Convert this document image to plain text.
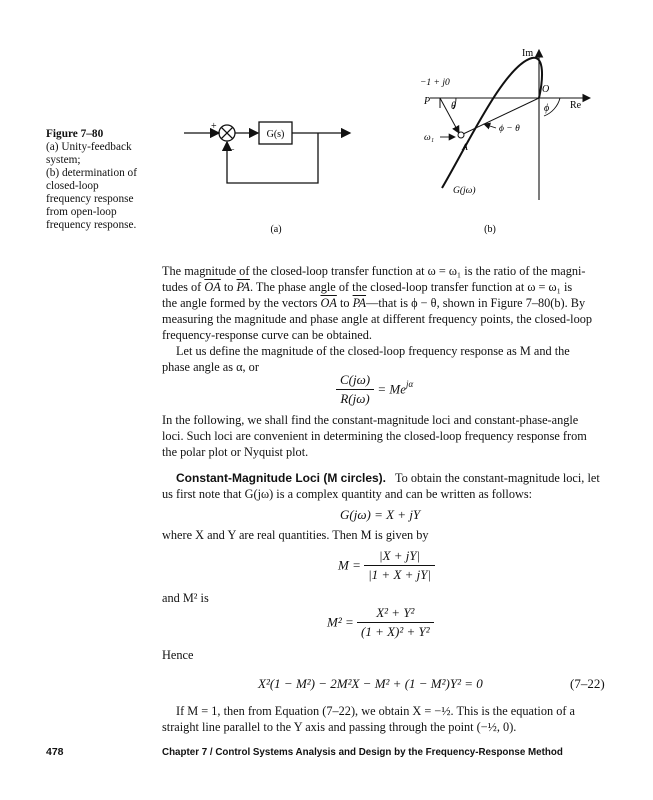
Figure 7–80
(a) Unity-feedback
system;
(b) determination of
closed-loop
frequency response
from open-loop
frequency response.
G(s)
+
−
(a)
Im
Re
−1 + j0
P
O
A
θ	ϕ
ϕ − θ
ω₁
G(jω)
(b)

The magnitude of the closed-loop transfer function at ω = ω₁ is the ratio of the magni-

tudes of $\overline{OA}$ to $\overline{PA}$. The phase angle of the closed-loop transfer function at ω = ω₁ is

the angle formed by the vectors $\overline{OA}$ to $\overline{PA}—that$ is ϕ − θ, shown in Figure 7–80(b). By

measuring the magnitude and phase angle at different frequency points, the closed-loop

frequency-response curve can be obtained.

Let us define the magnitude of the closed-loop frequency response as M and the

phase angle as α, or

$\frac{C(j\omega)}{R(j\omega)} = Me^{j\alpha}$

In the following, we shall find the constant-magnitude loci and constant-phase-angle

loci. Such loci are convenient in determining the closed-loop frequency response from

the polar plot or Nyquist plot.

Constant-Magnitude Loci (M circles). To obtain the constant-magnitude loci, let

us first note that G(jω) is a complex quantity and can be written as follows:

G(jω) = X + jY

where X and Y are real quantities. Then M is given by

$M = \frac{|X + jY|}{|1 + X + jY|}$

and M² is

$M^2 = \frac{\text{X² + Y²}}{\text{(1 + X)² + Y²}}$

Hence

X²(1 − M²) − 2M²X − M² + (1 − M²)Y² = 0	(7–22)

If M = 1, then from Equation (7–22), we obtain X = −½. This is the equation of a

straight line parallel to the Y axis and passing through the point (−½, 0).

478	Chapter 7 / Control Systems Analysis and Design by the Frequency-Response Method
